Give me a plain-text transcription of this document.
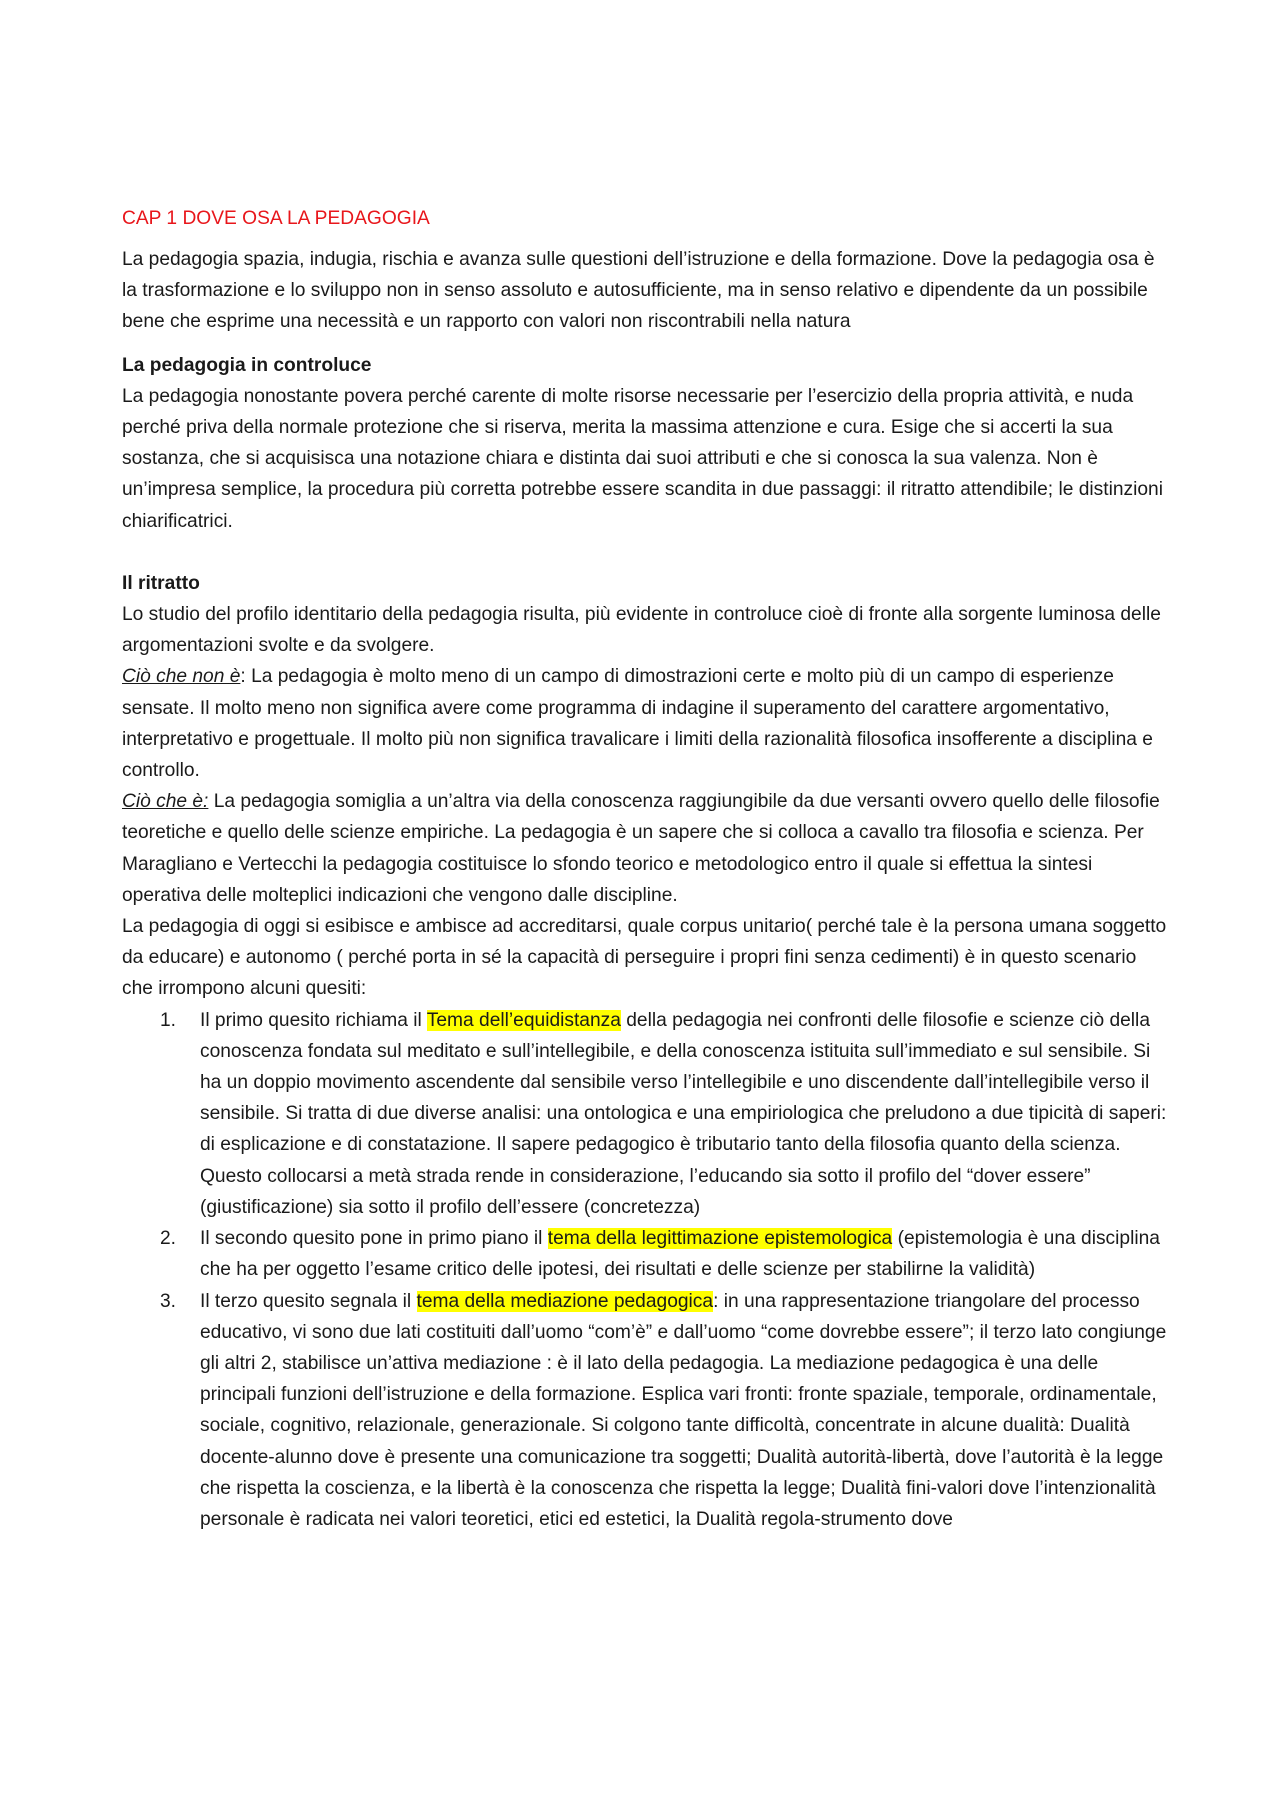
CAP 1 DOVE OSA LA PEDAGOGIA

La pedagogia spazia, indugia, rischia e avanza sulle questioni dell’istruzione e della formazione. Dove la pedagogia osa è la trasformazione e lo sviluppo non in senso assoluto e autosufficiente, ma in senso relativo e dipendente da un possibile bene che esprime una necessità e un rapporto con valori non riscontrabili nella natura

La pedagogia in controluce

La pedagogia nonostante povera perché carente di molte risorse necessarie per l’esercizio della propria attività, e nuda perché priva della normale protezione che si riserva, merita la massima attenzione e cura. Esige che si accerti la sua sostanza, che si acquisisca una notazione chiara e distinta dai suoi attributi e che si conosca la sua valenza. Non è un’impresa semplice, la procedura più corretta potrebbe essere scandita in due passaggi: il ritratto attendibile; le distinzioni chiarificatrici.

Il ritratto

Lo studio del profilo identitario della pedagogia risulta, più evidente in controluce cioè di fronte alla sorgente luminosa delle argomentazioni svolte e da svolgere.

Ciò che non è: La pedagogia è molto meno di un campo di dimostrazioni certe e molto più di un campo di esperienze sensate. Il molto meno non significa avere come programma di indagine il superamento del carattere argomentativo, interpretativo e progettuale. Il molto più non significa travalicare i limiti della razionalità filosofica insofferente a disciplina e controllo.

Ciò che è: La pedagogia somiglia a un’altra via della conoscenza raggiungibile da due versanti ovvero quello delle filosofie teoretiche e quello delle scienze empiriche. La pedagogia è un sapere che si colloca a cavallo tra filosofia e scienza. Per Maragliano e Vertecchi la pedagogia costituisce lo sfondo teorico e metodologico entro il quale si effettua la sintesi operativa delle molteplici indicazioni che vengono dalle discipline.

La pedagogia di oggi si esibisce e ambisce ad accreditarsi, quale corpus unitario( perché tale è la persona umana soggetto da educare) e autonomo ( perché porta in sé la capacità di perseguire i propri fini senza cedimenti) è in questo scenario che irrompono alcuni quesiti:

1. Il primo quesito richiama il Tema dell’equidistanza della pedagogia nei confronti delle filosofie e scienze ciò della conoscenza fondata sul meditato e sull’intellegibile, e della conoscenza istituita sull’immediato e sul sensibile. Si ha un doppio movimento ascendente dal sensibile verso l’intellegibile e uno discendente dall’intellegibile verso il sensibile. Si tratta di due diverse analisi: una ontologica e una empiriologica che preludono a due tipicità di saperi: di esplicazione e di constatazione. Il sapere pedagogico è tributario tanto della filosofia quanto della scienza. Questo collocarsi a metà strada rende in considerazione, l’educando sia sotto il profilo del “dover essere” (giustificazione) sia sotto il profilo dell’essere (concretezza)
2. Il secondo quesito pone in primo piano il tema della legittimazione epistemologica (epistemologia è una disciplina che ha per oggetto l’esame critico delle ipotesi, dei risultati e delle scienze per stabilirne la validità)
3. Il terzo quesito segnala il tema della mediazione pedagogica: in una rappresentazione triangolare del processo educativo, vi sono due lati costituiti dall’uomo “com’è” e dall’uomo “come dovrebbe essere”; il terzo lato congiunge gli altri 2, stabilisce un’attiva mediazione : è il lato della pedagogia. La mediazione pedagogica è una delle principali funzioni dell’istruzione e della formazione. Esplica vari fronti: fronte spaziale, temporale, ordinamentale, sociale, cognitivo, relazionale, generazionale. Si colgono tante difficoltà, concentrate in alcune dualità: Dualità docente-alunno dove è presente una comunicazione tra soggetti; Dualità autorità-libertà, dove l’autorità è la legge che rispetta la coscienza, e la libertà è la conoscenza che rispetta la legge; Dualità fini-valori dove l’intenzionalità personale è radicata nei valori teoretici, etici ed estetici, la Dualità regola-strumento dove
